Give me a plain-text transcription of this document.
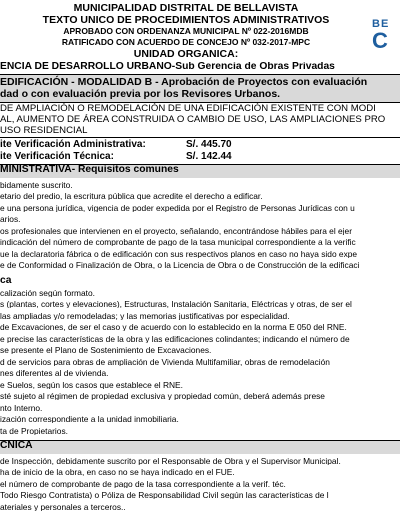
MUNICIPALIDAD DISTRITAL DE BELLAVISTA
TEXTO UNICO DE PROCEDIMIENTOS ADMINISTRATIVOS
APROBADO CON ORDENANZA MUNICIPAL Nº 022-2016MDB
RATIFICADO CON ACUERDO DE CONCEJO Nº 032-2017-MPC
UNIDAD ORGANICA:
BE
C
ENCIA DE DESARROLLO URBANO-Sub Gerencia de Obras Privadas
EDIFICACIÓN - MODALIDAD B - Aprobación de Proyectos con evaluación
dad o con evaluación previa por los Revisores Urbanos.
DE AMPLIACIÓN O REMODELACIÓN DE UNA EDIFICACIÓN EXISTENTE CON MODI
AL, AUMENTO DE ÁREA CONSTRUIDA O CAMBIO DE USO, LAS AMPLIACIONES PRO
USO RESIDENCIAL
ite Verificación Administrativa:	S/. 445.70
ite Verificación Técnica:	S/. 142.44
MINISTRATIVA- Requisitos comunes
bidamente suscrito.
etario del predio, la escritura pública que acredite el derecho a edificar.
e una persona jurídica, vigencia de poder expedida por el Registro de Personas Jurídicas con u
arios.
os profesionales que intervienen en el proyecto, señalando, encontrándose hábiles para el ejer
indicación del número de comprobante de pago de la tasa municipal correspondiente a la verific
ue la declaratoria fábrica o de edificación con sus respectivos planos en caso no haya sido expe
e de Conformidad o Finalización de Obra, o la Licencia de Obra o de Construcción de la edificaci
ca
calización según formato.
s (plantas, cortes y elevaciones), Estructuras, Instalación Sanitaria, Eléctricas y otras, de ser el
las ampliadas y/o remodeladas; y las memorias justificativas por especialidad.
de Excavaciones, de ser el caso y de acuerdo con lo establecido en la norma E 050 del RNE.
e precise las características de la obra y las edificaciones colindantes; indicando el número de
se presente el Plano de Sostenimiento de Excavaciones.
d de servicios para obras de ampliación de Vivienda Multifamiliar, obras de remodelación
nes diferentes al de vivienda.
e Suelos, según los casos que establece el RNE.
sté sujeto al régimen de propiedad exclusiva y propiedad común, deberá además prese
nto Interno.
ización correspondiente a la unidad inmobiliaria.
ta de Propietarios.
CNICA
de Inspección, debidamente suscrito por el Responsable de Obra y el Supervisor Municipal.
ha de inicio de la obra, en caso no se haya indicado en el FUE.
el número de comprobante de pago de la tasa correspondiente a la verif. téc.
Todo Riesgo Contratista) o Póliza de Responsabilidad Civil según las características de l
ateriales y personales a terceros..
